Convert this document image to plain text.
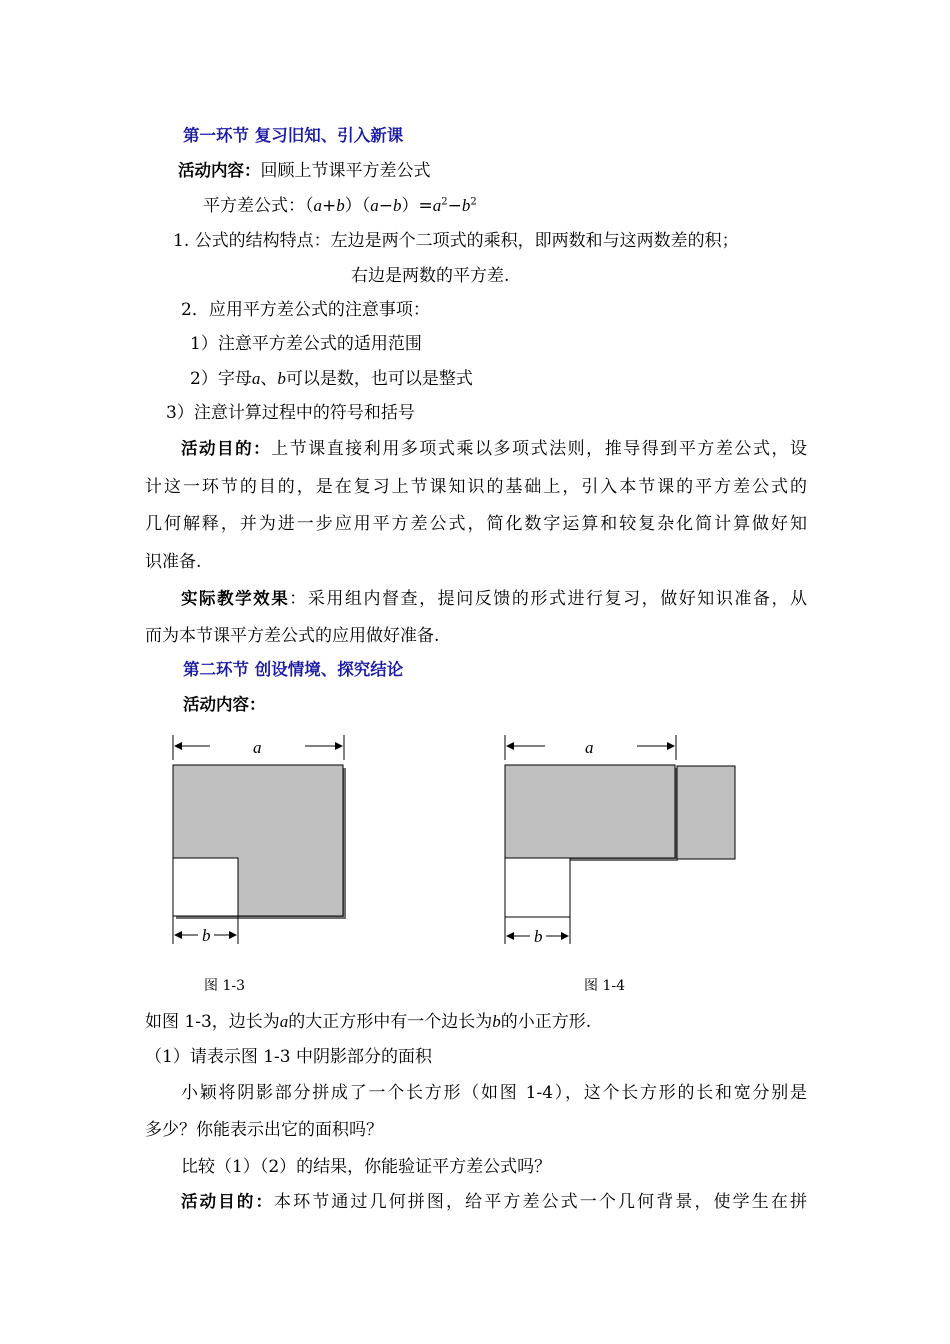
第一环节 复习旧知、引入新课
活动内容：回顾上节课平方差公式
平方差公式：$(a+b)(a-b)=a^2-b^2$
1. 公式的结构特点：左边是两个二项式的乘积，即两数和与这两数差的积；
右边是两数的平方差.
2．应用平方差公式的注意事项：
1）注意平方差公式的适用范围
2）字母a、b可以是数，也可以是整式
3）注意计算过程中的符号和括号
活动目的：上节课直接利用多项式乘以多项式法则，推导得到平方差公式，设
计这一环节的目的，是在复习上节课知识的基础上，引入本节课的平方差公式的
几何解释，并为进一步应用平方差公式，简化数字运算和较复杂化简计算做好知
识准备.
实际教学效果：采用组内督查，提问反馈的形式进行复习，做好知识准备，从
而为本节课平方差公式的应用做好准备.
第二环节 创设情境、探究结论
活动内容：
a
b
a
b
图 1-3	图 1-4
如图 1-3，边长为a的大正方形中有一个边长为b的小正方形.
（1）请表示图 1-3 中阴影部分的面积
小颖将阴影部分拼成了一个长方形（如图 1-4），这个长方形的长和宽分别是
多少？你能表示出它的面积吗？
比较（1）（2）的结果，你能验证平方差公式吗？
活动目的：本环节通过几何拼图，给平方差公式一个几何背景，使学生在拼
